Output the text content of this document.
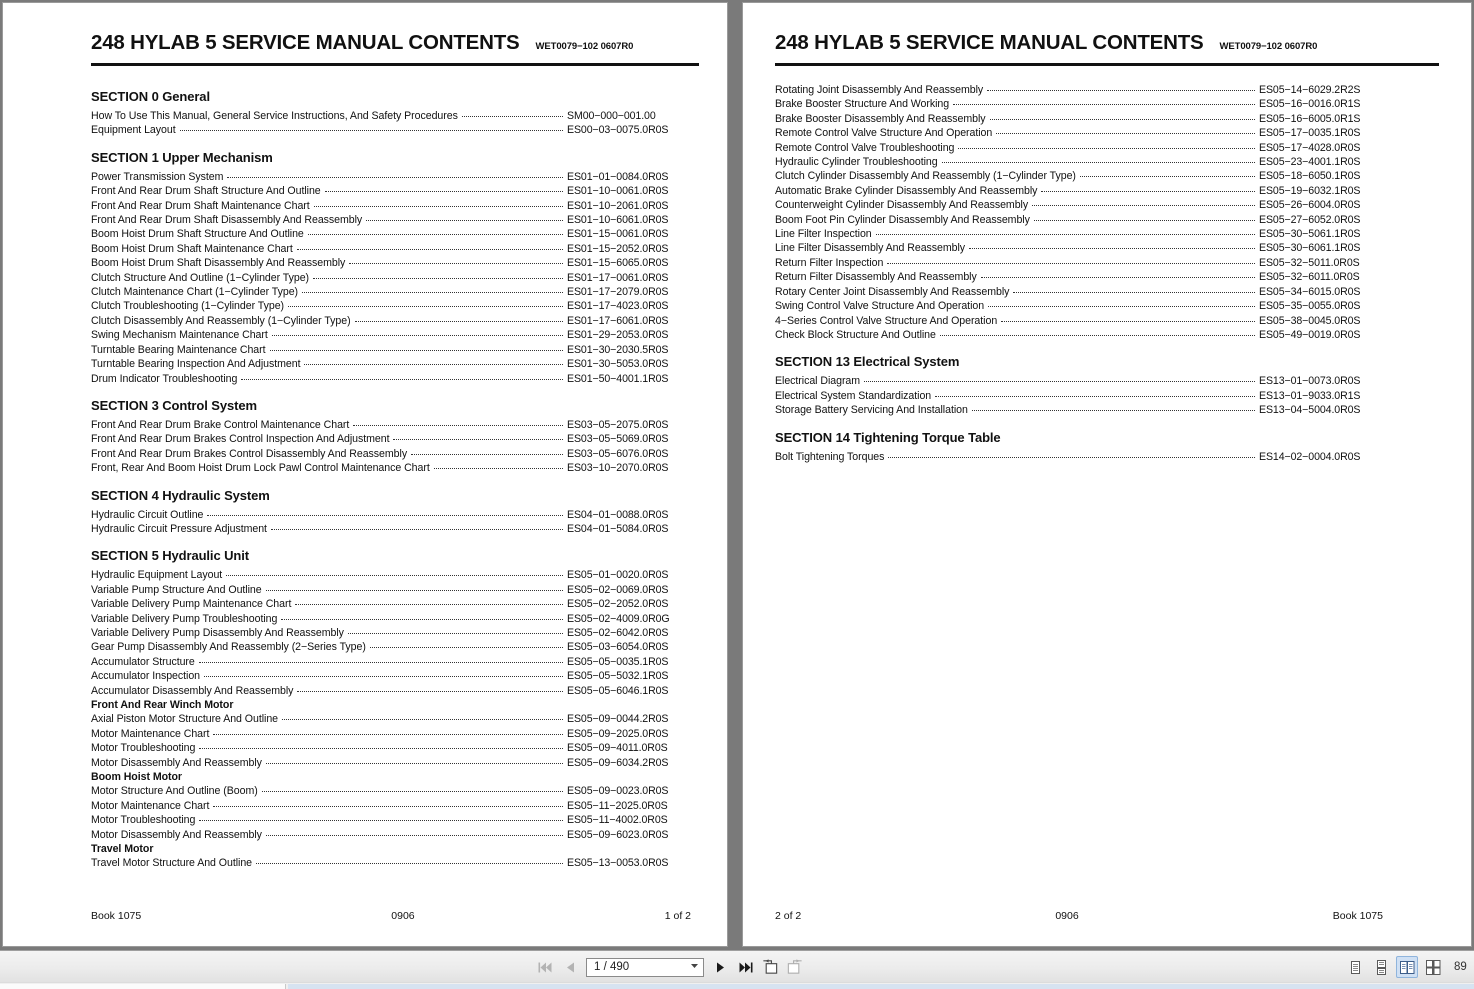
248 HYLAB 5 SERVICE MANUAL CONTENTS WET0079−102 0607R0
SECTION 0 General
How To Use This Manual, General Service Instructions, And Safety Procedures	SM00−000−001.00
Equipment Layout	ES00−03−0075.0R0S
SECTION 1 Upper Mechanism
Power Transmission System	ES01−01−0084.0R0S
Front And Rear Drum Shaft Structure And Outline	ES01−10−0061.0R0S
Front And Rear Drum Shaft Maintenance Chart	ES01−10−2061.0R0S
Front And Rear Drum Shaft Disassembly And Reassembly	ES01−10−6061.0R0S
Boom Hoist Drum Shaft Structure And Outline	ES01−15−0061.0R0S
Boom Hoist Drum Shaft Maintenance Chart	ES01−15−2052.0R0S
Boom Hoist Drum Shaft Disassembly And Reassembly	ES01−15−6065.0R0S
Clutch Structure And Outline (1−Cylinder Type)	ES01−17−0061.0R0S
Clutch Maintenance Chart (1−Cylinder Type)	ES01−17−2079.0R0S
Clutch Troubleshooting (1−Cylinder Type)	ES01−17−4023.0R0S
Clutch Disassembly And Reassembly (1−Cylinder Type)	ES01−17−6061.0R0S
Swing Mechanism Maintenance Chart	ES01−29−2053.0R0S
Turntable Bearing Maintenance Chart	ES01−30−2030.5R0S
Turntable Bearing Inspection And Adjustment	ES01−30−5053.0R0S
Drum Indicator Troubleshooting	ES01−50−4001.1R0S
SECTION 3 Control System
Front And Rear Drum Brake Control Maintenance Chart	ES03−05−2075.0R0S
Front And Rear Drum Brakes Control Inspection And Adjustment	ES03−05−5069.0R0S
Front And Rear Drum Brakes Control Disassembly And Reassembly	ES03−05−6076.0R0S
Front, Rear And Boom Hoist Drum Lock Pawl Control Maintenance Chart	ES03−10−2070.0R0S
SECTION 4 Hydraulic System
Hydraulic Circuit Outline	ES04−01−0088.0R0S
Hydraulic Circuit Pressure Adjustment	ES04−01−5084.0R0S
SECTION 5 Hydraulic Unit
Hydraulic Equipment Layout	ES05−01−0020.0R0S
Variable Pump Structure And Outline	ES05−02−0069.0R0S
Variable Delivery Pump Maintenance Chart	ES05−02−2052.0R0S
Variable Delivery Pump Troubleshooting	ES05−02−4009.0R0G
Variable Delivery Pump Disassembly And Reassembly	ES05−02−6042.0R0S
Gear Pump Disassembly And Reassembly (2−Series Type)	ES05−03−6054.0R0S
Accumulator Structure	ES05−05−0035.1R0S
Accumulator Inspection	ES05−05−5032.1R0S
Accumulator Disassembly And Reassembly	ES05−05−6046.1R0S
Front And Rear Winch Motor
Axial Piston Motor Structure And Outline	ES05−09−0044.2R0S
Motor Maintenance Chart	ES05−09−2025.0R0S
Motor Troubleshooting	ES05−09−4011.0R0S
Motor Disassembly And Reassembly	ES05−09−6034.2R0S
Boom Hoist Motor
Motor Structure And Outline (Boom)	ES05−09−0023.0R0S
Motor Maintenance Chart	ES05−11−2025.0R0S
Motor Troubleshooting	ES05−11−4002.0R0S
Motor Disassembly And Reassembly	ES05−09−6023.0R0S
Travel Motor
Travel Motor Structure And Outline	ES05−13−0053.0R0S
Book 1075	0906	1 of 2
248 HYLAB 5 SERVICE MANUAL CONTENTS WET0079−102 0607R0
Rotating Joint Disassembly And Reassembly	ES05−14−6029.2R2S
Brake Booster Structure And Working	ES05−16−0016.0R1S
Brake Booster Disassembly And Reassembly	ES05−16−6005.0R1S
Remote Control Valve Structure And Operation	ES05−17−0035.1R0S
Remote Control Valve Troubleshooting	ES05−17−4028.0R0S
Hydraulic Cylinder Troubleshooting	ES05−23−4001.1R0S
Clutch Cylinder Disassembly And Reassembly (1−Cylinder Type)	ES05−18−6050.1R0S
Automatic Brake Cylinder Disassembly And Reassembly	ES05−19−6032.1R0S
Counterweight Cylinder Disassembly And Reassembly	ES05−26−6004.0R0S
Boom Foot Pin Cylinder Disassembly And Reassembly	ES05−27−6052.0R0S
Line Filter Inspection	ES05−30−5061.1R0S
Line Filter Disassembly And Reassembly	ES05−30−6061.1R0S
Return Filter Inspection	ES05−32−5011.0R0S
Return Filter Disassembly And Reassembly	ES05−32−6011.0R0S
Rotary Center Joint Disassembly And Reassembly	ES05−34−6015.0R0S
Swing Control Valve Structure And Operation	ES05−35−0055.0R0S
4−Series Control Valve Structure And Operation	ES05−38−0045.0R0S
Check Block Structure And Outline	ES05−49−0019.0R0S
SECTION 13 Electrical System
Electrical Diagram	ES13−01−0073.0R0S
Electrical System Standardization	ES13−01−9033.0R1S
Storage Battery Servicing And Installation	ES13−04−5004.0R0S
SECTION 14 Tightening Torque Table
Bolt Tightening Torques	ES14−02−0004.0R0S
2 of 2	0906	Book 1075
1 / 490	89
